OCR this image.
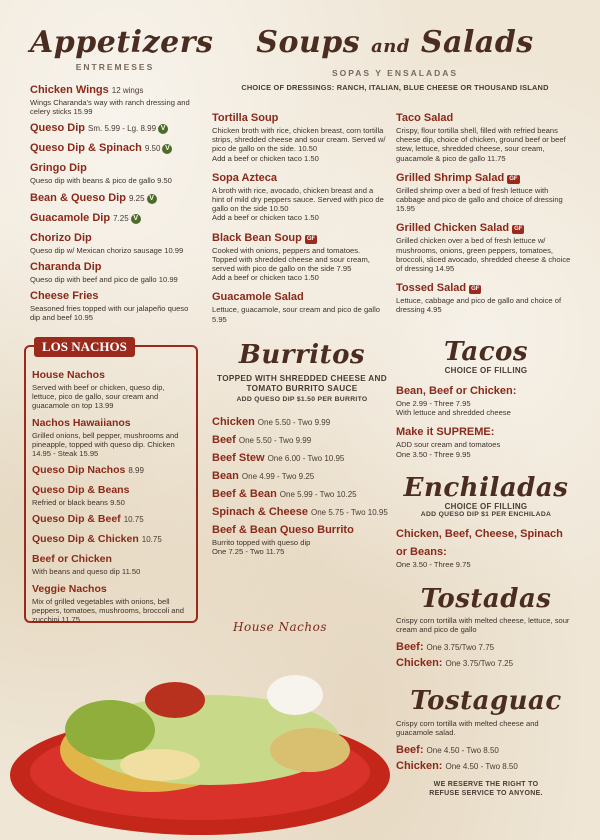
Appetizers
ENTREMESES
Chicken Wings 12 wings
Wings Charanda's way with ranch dressing and celery sticks 15.99
Queso Dip Sm. 5.99 - Lg. 8.99 V
Queso Dip & Spinach 9.50 V
Gringo Dip
Queso dip with beans & pico de gallo 9.50
Bean & Queso Dip 9.25 V
Guacamole Dip 7.25 V
Chorizo Dip
Queso dip w/ Mexican chorizo sausage 10.99
Charanda Dip
Queso dip with beef and pico de gallo 10.99
Cheese Fries
Seasoned fries topped with our jalapeño queso dip and beef 10.95
LOS NACHOS
House Nachos
Served with beef or chicken, queso dip, lettuce, pico de gallo, sour cream and guacamole on top 13.99
Nachos Hawaiianos
Grilled onions, bell pepper, mushrooms and pineapple, topped with queso dip. Chicken 14.95 - Steak 15.95
Queso Dip Nachos 8.99
Queso Dip & Beans
Refried or black beans 9.50
Queso Dip & Beef 10.75
Queso Dip & Chicken 10.75
Beef or Chicken
With beans and queso dip 11.50
Veggie Nachos
Mix of grilled vegetables with onions, bell peppers, tomatoes, mushrooms, broccoli and zucchini 11.75
House Nachos
Soups and Salads
SOPAS Y ENSALADAS
CHOICE OF DRESSINGS: RANCH, ITALIAN, BLUE CHEESE OR THOUSAND ISLAND
Tortilla Soup
Chicken broth with rice, chicken breast, corn tortilla strips, shredded cheese and sour cream. Served w/ pico de gallo on the side. 10.50
Add a beef or chicken taco 1.50
Sopa Azteca
A broth with rice, avocado, chicken breast and a hint of mild dry peppers sauce. Served with pico de gallo on the side 10.50
Add a beef or chicken taco 1.50
Black Bean Soup GF
Cooked with onions, peppers and tomatoes. Topped with shredded cheese and sour cream, served with pico de gallo on the side 7.95
Add a beef or chicken taco 1.50
Guacamole Salad
Lettuce, guacamole, sour cream and pico de gallo 5.95
Taco Salad
Crispy, flour tortilla shell, filled with refried beans cheese dip, choice of chicken, ground beef or beef stew, lettuce, shredded cheese, sour cream, guacamole & pico de gallo 11.75
Grilled Shrimp Salad GF
Grilled shrimp over a bed of fresh lettuce with cabbage and pico de gallo and choice of dressing 15.95
Grilled Chicken Salad GF
Grilled chicken over a bed of fresh lettuce w/ mushrooms, onions, green peppers, tomatoes, broccoli, sliced avocado, shredded cheese & choice of dressing 14.95
Tossed Salad GF
Lettuce, cabbage and pico de gallo and choice of dressing 4.95
Burritos
TOPPED WITH SHREDDED CHEESE AND TOMATO BURRITO SAUCE
ADD QUESO DIP $1.50 PER BURRITO
Chicken One 5.50 - Two 9.99
Beef One 5.50 - Two 9.99
Beef Stew One 6.00 - Two 10.95
Bean One 4.99 - Two 9.25
Beef & Bean One 5.99 - Two 10.25
Spinach & Cheese One 5.75 - Two 10.95
Beef & Bean Queso Burrito
Burrito topped with queso dip
One 7.25 - Two 11.75
Tacos
CHOICE OF FILLING
Bean, Beef or Chicken:
One 2.99 - Three 7.95
With lettuce and shredded cheese
Make it SUPREME:
ADD sour cream and tomatoes
One 3.50 - Three 9.95
Enchiladas
CHOICE OF FILLING
ADD QUESO DIP $1 PER ENCHILADA
Chicken, Beef, Cheese, Spinach or Beans:
One 3.50 - Three 9.75
Tostadas
Crispy corn tortilla with melted cheese, lettuce, sour cream and pico de gallo
Beef: One 3.75/Two 7.75
Chicken: One 3.75/Two 7.25
Tostaguac
Crispy corn tortilla with melted cheese and guacamole salad.
Beef: One 4.50 - Two 8.50
Chicken: One 4.50 - Two 8.50
WE RESERVE THE RIGHT TO REFUSE SERVICE TO ANYONE.
